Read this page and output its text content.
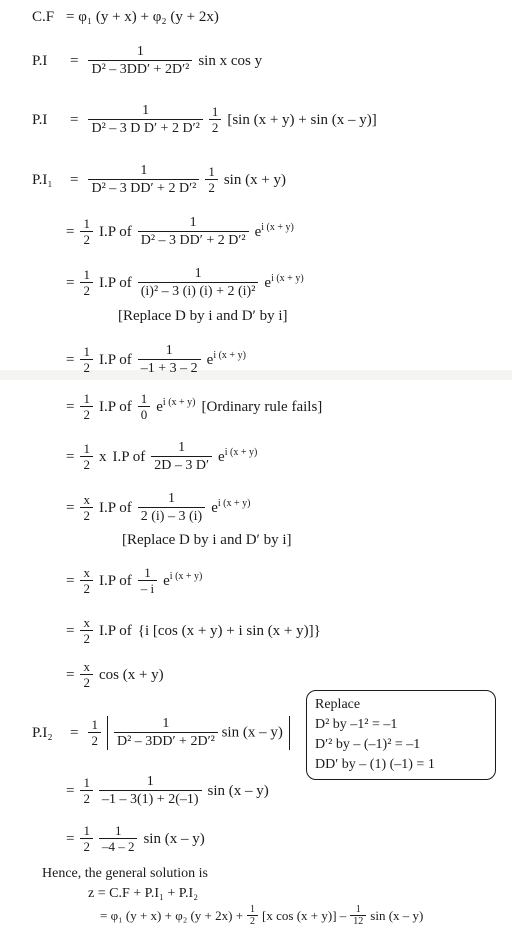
C.F = φ₁ (y + x) + φ₂ (y + 2x)
P.I	= $\frac{1}{\text{D² – 3DD′ + 2D′²}}$ sin x cos y
P.I	= $\frac{1}{\text{D² – 3 D D′ + 2 D′²}} \frac{1}{2} [\sin$ (x + y) + sin (x – y)]
P.I₁	= $\frac{1}{\text{D² – 3 DD′ + 2 D′²}} \frac{1}{2}$ sin (x + y)
= $\frac{1}{2} I.P$ of $\frac{1}{\text{D² – 3 DD′ + 2 D′²}} e^{i (x + y)}$
= $\frac{1}{2} I.P$ of $\frac{1}{\text{(i)² – 3 (i) (i) + 2 (i)²}} e^{i (x + y)}$
[Replace D by i and D′ by i]
= $\frac{1}{2} I.P$ of $\frac{1}{-1 + 3 - 2} e^{i (x + y)}$
= $\frac{1}{2} I.P$ of $\frac{1}{0} e^{i (x + y)}$ [Ordinary rule fails]
= $\frac{1}{2}$ x I.P of $\frac{1}{2D - 3 D'} e^{i (x + y)}$
= $\frac{x}{2} I.P$ of $\frac{1}{2 (i) - 3 (i)} e^{i (x + y)}$
[Replace D by i and D′ by i]
= $\frac{x}{2} I.P$ of $\frac{1}{- i} e^{i (x + y)}$
= $\frac{x}{2} I.P$ of {i [cos (x + y) + i sin (x + y)]}
= $\frac{x}{2}$ cos (x + y)
P.I₂	= $\frac{1}{2} \frac{1}{\text{D² – 3DD′ + 2D′²}}$ sin (x – y)
= $\frac{1}{2} \frac{1}{-1 - 3(1) + 2(-1)}$ sin (x – y)
= $\frac{1}{2} \frac{1}{-4 - 2}$ sin (x – y)
Replace
D² by –1² = –1
D′² by – (–1)² = –1
DD′ by – (1) (–1) = 1
Hence, the general solution is
z = C.F + P.I₁ + P.I₂
= φ₁ (y + x) + φ₂ $(y + 2x) + \frac{1}{2} [x$ $\cos (x + y)] - \frac{1}{12}$ sin (x – y)
